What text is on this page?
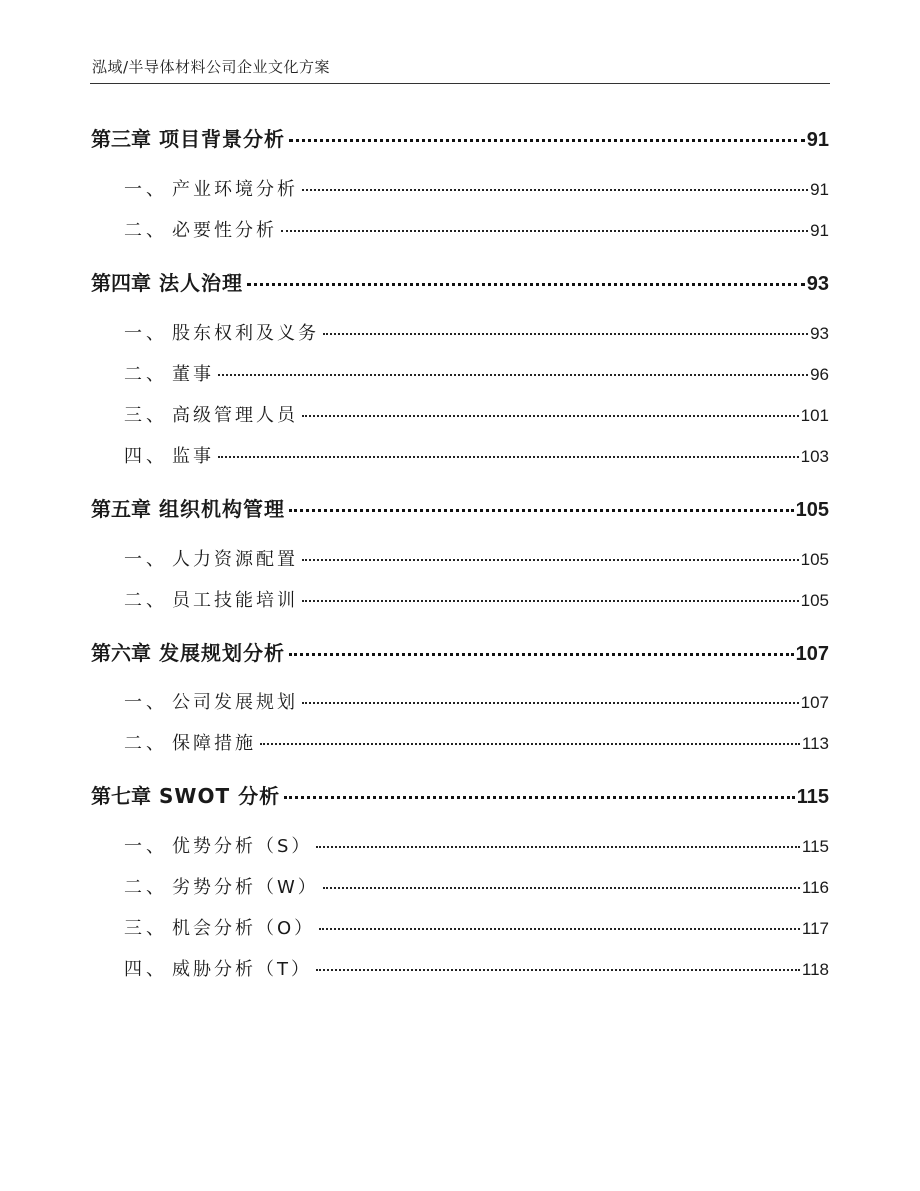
泓域/半导体材料公司企业文化方案
第三章 项目背景分析	91
一、 产业环境分析	91
二、 必要性分析	91
第四章 法人治理	93
一、 股东权利及义务	93
二、 董事	96
三、 高级管理人员	101
四、 监事	103
第五章 组织机构管理	105
一、 人力资源配置	105
二、 员工技能培训	105
第六章 发展规划分析	107
一、 公司发展规划	107
二、 保障措施	113
第七章 SWOT 分析	115
一、 优势分析（S）	115
二、 劣势分析（W）	116
三、 机会分析（O）	117
四、 威胁分析（T）	118
